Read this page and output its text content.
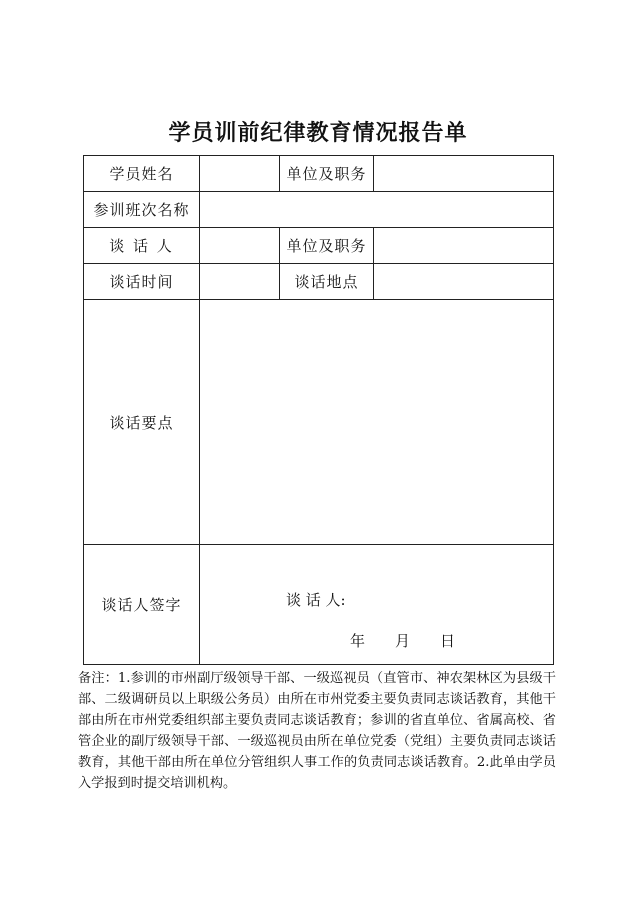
学员训前纪律教育情况报告单
学员姓名		单位及职务	
参训班次名称			
谈 话 人		单位及职务	
谈话时间		谈话地点	
谈话要点			
谈话人签字	谈 话 人:
年 月 日		

备注：1.参训的市州副厅级领导干部、一级巡视员（直管市、神农架林区为县级干部、二级调研员以上职级公务员）由所在市州党委主要负责同志谈话教育，其他干部由所在市州党委组织部主要负责同志谈话教育；参训的省直单位、省属高校、省管企业的副厅级领导干部、一级巡视员由所在单位党委（党组）主要负责同志谈话教育，其他干部由所在单位分管组织人事工作的负责同志谈话教育。2.此单由学员入学报到时提交培训机构。
